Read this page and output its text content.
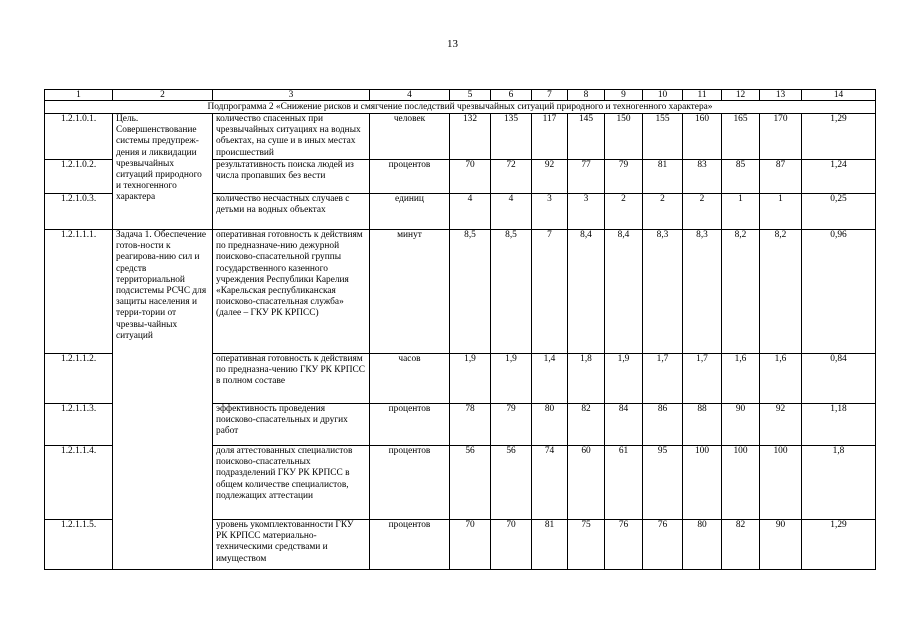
13
1	2	3	4	5	6	7	8	9	10	11	12	13	14
Подпрограмма 2 «Снижение рисков и смягчение последствий чрезвычайных ситуаций природного и техногенного характера»													
1.2.1.0.1.	Цель. Совершенствование системы предупреж-дения и ликвидации чрезвычайных ситуаций природного и техногенного характера	количество спасенных при чрезвычайных ситуациях на водных объектах, на суше и в иных местах происшествий	человек	132	135	117	145	150	155	160	165	170	1,29
1.2.1.0.2.		результативность поиска людей из числа пропавших без вести	процентов	70	72	92	77	79	81	83	85	87	1,24
1.2.1.0.3.		количество несчастных случаев с детьми на водных объектах	единиц	4	4	3	3	2	2	2	1	1	0,25
1.2.1.1.1.	Задача 1. Обеспечение готов-ности к реагирова-нию сил и средств территориальной подсистемы РСЧС для защиты населения и терри-тории от чрезвы-чайных ситуаций	оперативная готовность к действиям по предназначе-нию дежурной поисково-спасательной группы государственного казенного учреждения Республики Карелия «Карельская республиканская поисково-спасательная служба» (далее – ГКУ РК КРПСС)	минут	8,5	8,5	7	8,4	8,4	8,3	8,3	8,2	8,2	0,96
1.2.1.1.2.		оперативная готовность к действиям по предназна-чению ГКУ РК КРПСС в полном составе	часов	1,9	1,9	1,4	1,8	1,9	1,7	1,7	1,6	1,6	0,84
1.2.1.1.3.		эффективность проведения поисково-спасательных и других работ	процентов	78	79	80	82	84	86	88	90	92	1,18
1.2.1.1.4.		доля аттестованных специалистов поисково-спасательных подразделений ГКУ РК КРПСС в общем количестве специалистов, подлежащих аттестации	процентов	56	56	74	60	61	95	100	100	100	1,8
1.2.1.1.5.		уровень укомплектованности ГКУ РК КРПСС материально-техническими средствами и имуществом	процентов	70	70	81	75	76	76	80	82	90	1,29
